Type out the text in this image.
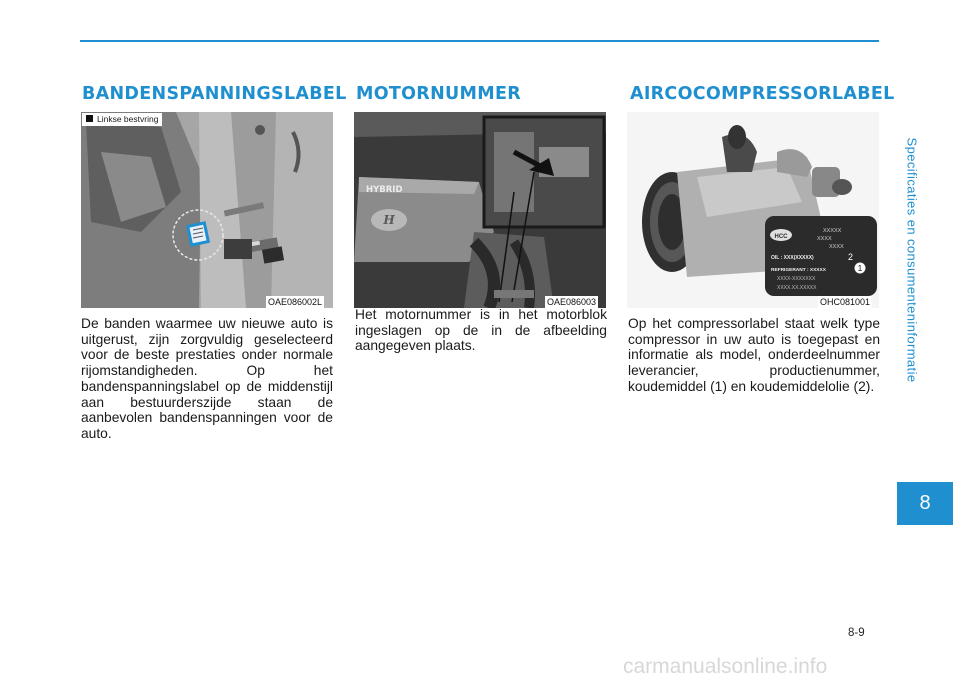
BANDENSPANNINGSLABEL
Linkse bestvring
OAE086002L
De banden waarmee uw nieuwe auto is uitgerust, zijn zorgvuldig geselecteerd voor de beste prestaties onder normale rijomstandigheden. Op het bandenspanningslabel op de middenstijl aan bestuurderszijde staan de aanbevolen bandenspanningen voor de auto.
MOTORNUMMER
HYBRID
H
OAE086003
Het motornummer is in het motorblok ingeslagen op de in de afbeelding aangegeven plaats.
AIRCOCOMPRESSORLABEL
HCC
XXXXX
XXXX
XXXX
OIL : XXX(XXXXX)
REFRIGERANT : XXXXX
XXXX-XXXXXXX
XXXX.XX.XXXXX
2
1
OHC081001
Op het compressorlabel staat welk type compressor in uw auto is toegepast en informatie als model, onderdeelnummer leverancier, productienummer, koudemiddel (1) en koudemiddelolie (2).
Specificaties en consumenteninformatie
8
8-9
carmanualsonline.info
